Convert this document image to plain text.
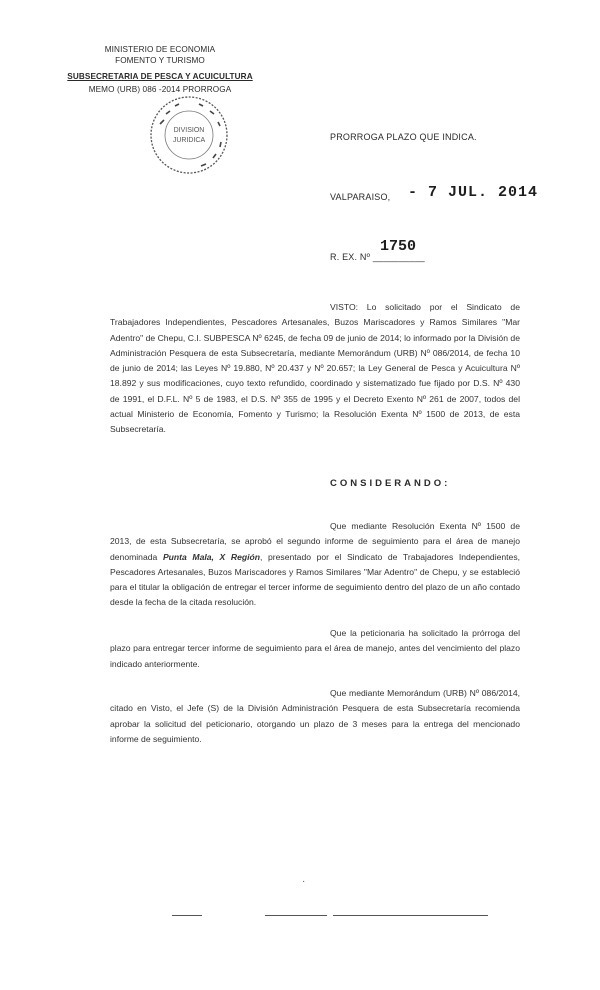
MINISTERIO DE ECONOMIA
FOMENTO Y TURISMO
SUBSECRETARIA DE PESCA Y ACUICULTURA
MEMO (URB) 086 -2014 PRORROGA
DIVISION
JURIDICA	PRORROGA PLAZO QUE INDICA.
VALPARAISO, - 7 JUL. 2014
1750
R. EX. Nº __________
VISTO: Lo solicitado por el Sindicato de Trabajadores Independientes, Pescadores Artesanales, Buzos Mariscadores y Ramos Similares "Mar Adentro" de Chepu, C.I. SUBPESCA Nº 6245, de fecha 09 de junio de 2014; lo informado por la División de Administración Pesquera de esta Subsecretaría, mediante Memorándum (URB) Nº 086/2014, de fecha 10 de junio de 2014; las Leyes Nº 19.880, Nº 20.437 y Nº 20.657; la Ley General de Pesca y Acuicultura Nº 18.892 y sus modificaciones, cuyo texto refundido, coordinado y sistematizado fue fijado por D.S. Nº 430 de 1991, el D.F.L. Nº 5 de 1983, el D.S. Nº 355 de 1995 y el Decreto Exento Nº 261 de 2007, todos del actual Ministerio de Economía, Fomento y Turismo; la Resolución Exenta Nº 1500 de 2013, de esta Subsecretaría.
CONSIDERANDO:
Que mediante Resolución Exenta Nº 1500 de 2013, de esta Subsecretaría, se aprobó el segundo informe de seguimiento para el área de manejo denominada Punta Mala, X Región, presentado por el Sindicato de Trabajadores Independientes, Pescadores Artesanales, Buzos Mariscadores y Ramos Similares "Mar Adentro" de Chepu, y se estableció para el titular la obligación de entregar el tercer informe de seguimiento dentro del plazo de un año contado desde la fecha de la citada resolución.
Que la peticionaria ha solicitado la prórroga del plazo para entregar tercer informe de seguimiento para el área de manejo, antes del vencimiento del plazo indicado anteriormente.
Que mediante Memorándum (URB) Nº 086/2014, citado en Visto, el Jefe (S) de la División Administración Pesquera de esta Subsecretaría recomienda aprobar la solicitud del peticionario, otorgando un plazo de 3 meses para la entrega del mencionado informe de seguimiento.
·
